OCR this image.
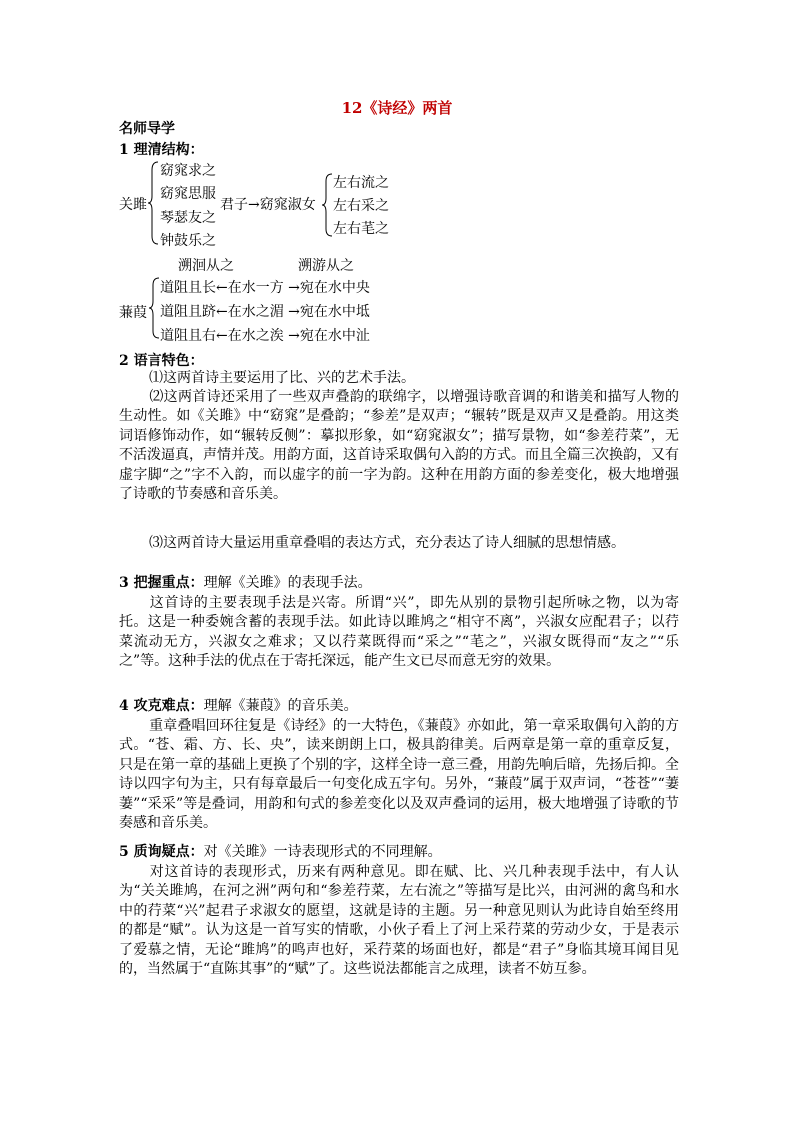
12《诗经》两首
名师导学
1 理清结构：
关雎
窈窕求之
窈窕思服
琴瑟友之
钟鼓乐之
君子→窈窕淑女
左右流之
左右采之
左右芼之
溯洄从之	溯游从之
蒹葭
道阻且长←在水一方 →宛在水中央
道阻且跻←在水之湄 →宛在水中坻
道阻且右←在水之涘 →宛在水中沚
2 语言特色：
⑴这两首诗主要运用了比、兴的艺术手法。
⑵这两首诗还采用了一些双声叠韵的联绵字，以增强诗歌音调的和谐美和描写人物的生动性。如《关雎》中“窈窕”是叠韵；“参差”是双声；“辗转”既是双声又是叠韵。用这类词语修饰动作，如“辗转反侧”：摹拟形象，如“窈窕淑女”；描写景物，如“参差荇菜”，无不活泼逼真，声情并茂。用韵方面，这首诗采取偶句入韵的方式。而且全篇三次换韵，又有虚字脚“之”字不入韵，而以虚字的前一字为韵。这种在用韵方面的参差变化，极大地增强了诗歌的节奏感和音乐美。
⑶这两首诗大量运用重章叠唱的表达方式，充分表达了诗人细腻的思想情感。
3 把握重点：理解《关雎》的表现手法。
这首诗的主要表现手法是兴寄。所谓“兴”，即先从别的景物引起所咏之物，以为寄托。这是一种委婉含蓄的表现手法。如此诗以雎鸠之“相守不离”，兴淑女应配君子；以荇菜流动无方，兴淑女之难求；又以荇菜既得而“采之”“芼之”，兴淑女既得而“友之”“乐之”等。这种手法的优点在于寄托深远，能产生文已尽而意无穷的效果。
4 攻克难点：理解《蒹葭》的音乐美。
重章叠唱回环往复是《诗经》的一大特色，《蒹葭》亦如此，第一章采取偶句入韵的方式。“苍、霜、方、长、央”，读来朗朗上口，极具韵律美。后两章是第一章的重章反复，只是在第一章的基础上更换了个别的字，这样全诗一意三叠，用韵先响后暗，先扬后抑。全诗以四字句为主，只有每章最后一句变化成五字句。另外，“蒹葭”属于双声词，“苍苍”“萋萋”“采采”等是叠词，用韵和句式的参差变化以及双声叠词的运用，极大地增强了诗歌的节奏感和音乐美。
5 质询疑点：对《关雎》一诗表现形式的不同理解。
对这首诗的表现形式，历来有两种意见。即在赋、比、兴几种表现手法中，有人认为“关关雎鸠，在河之洲”两句和“参差荇菜，左右流之”等描写是比兴，由河洲的禽鸟和水中的荇菜“兴”起君子求淑女的愿望，这就是诗的主题。另一种意见则认为此诗自始至终用的都是“赋”。认为这是一首写实的情歌，小伙子看上了河上采荇菜的劳动少女，于是表示了爱慕之情，无论“雎鸠”的鸣声也好，采荇菜的场面也好，都是“君子”身临其境耳闻目见的，当然属于“直陈其事”的“赋”了。这些说法都能言之成理，读者不妨互参。
